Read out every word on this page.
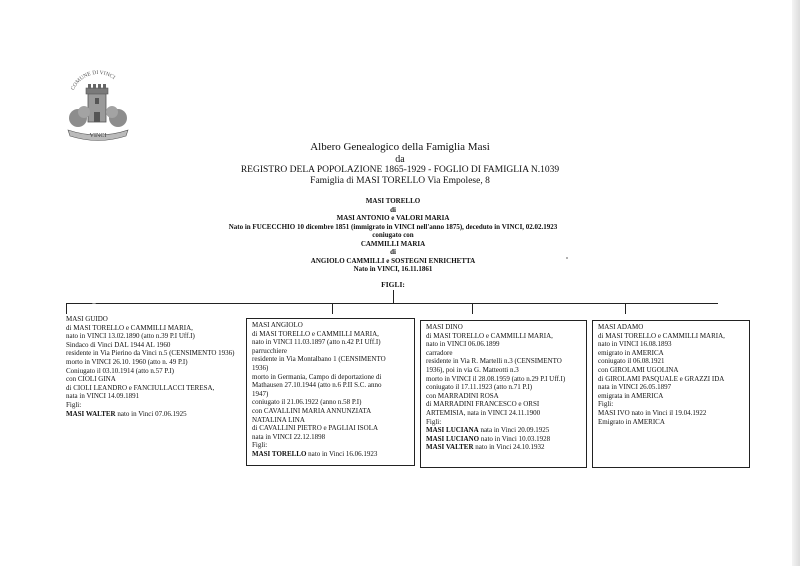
COMUNE DI VINCI
VINCI
Albero Genealogico della Famiglia Masi
da
REGISTRO DELA POPOLAZIONE 1865-1929 - FOGLIO DI FAMIGLIA N.1039
Famiglia di MASI TORELLO Via Empolese, 8
MASI TORELLO
di
MASI ANTONIO e VALORI MARIA
Nato in FUCECCHIO 10 dicembre 1851 (immigrato in VINCI nell'anno 1875), deceduto in VINCI, 02.02.1923
coniugato con
CAMMILLI MARIA
di
ANGIOLO CAMMILLI e SOSTEGNI ENRICHETTA
Nato in VINCI, 16.11.1861
FIGLI:

MASI GUIDO

di MASI TORELLO e CAMMILLI MARIA,

nato in VINCI 13.02.1890 (atto n.39 P.I Uff.I)

Sindaco di Vinci DAL 1944 AL 1960

residente in Via Pierino da Vinci n.5 (CENSIMENTO 1936)

morto in VINCI 26.10. 1960 (atto n. 49 P.I)

Coniugato il 03.10.1914 (atto n.57 P.I)

con CIOLI GINA

di CIOLI LEANDRO e FANCIULLACCI TERESA,

nata in VINCI 14.09.1891

Figli:

MASI WALTER nato in Vinci 07.06.1925

MASI ANGIOLO

di MASI TORELLO e CAMMILLI MARIA,

nato in VINCI 11.03.1897 (atto n.42 P.I Uff.I)

parrucchiere

residente in Via Montalbano 1 (CENSIMENTO

1936)

morto in Germania, Campo di deportazione di

Mathausen 27.10.1944 (atto n.6 P.II S.C. anno

1947)

coniugato il 21.06.1922 (anno n.58 P.I)

con CAVALLINI MARIA ANNUNZIATA

NATALINA LINA

di CAVALLINI PIETRO e PAGLIAI ISOLA

nata in VINCI 22.12.1898

Figli:

MASI TORELLO nato in Vinci 16.06.1923

MASI DINO

di MASI TORELLO e CAMMILLI MARIA,

nato in VINCI 06.06.1899

carradore

residente in Via R. Martelli n.3 (CENSIMENTO

1936), poi in via G. Matteotti n.3

morto in VINCI il 28.08.1959 (atto n.29 P.I Uff.I)

coniugato il 17.11.1923 (atto n.71 P.I)

con MARRADINI ROSA

di MARRADINI FRANCESCO e ORSI

ARTEMISIA, nata in VINCI 24.11.1900

Figli:

MASI LUCIANA nata in Vinci 20.09.1925

MASI LUCIANO nato in Vinci 10.03.1928

MASI VALTER nato in Vinci 24.10.1932

MASI ADAMO

di MASI TORELLO e CAMMILLI MARIA,

nato in VINCI 16.08.1893

emigrato in AMERICA

coniugato il 06.08.1921

con GIROLAMI UGOLINA

di GIROLAMI PASQUALE e GRAZZI IDA

nata in VINCI 26.05.1897

emigrata in AMERICA

Figli:

MASI IVO nato in Vinci il 19.04.1922

Emigrato in AMERICA
